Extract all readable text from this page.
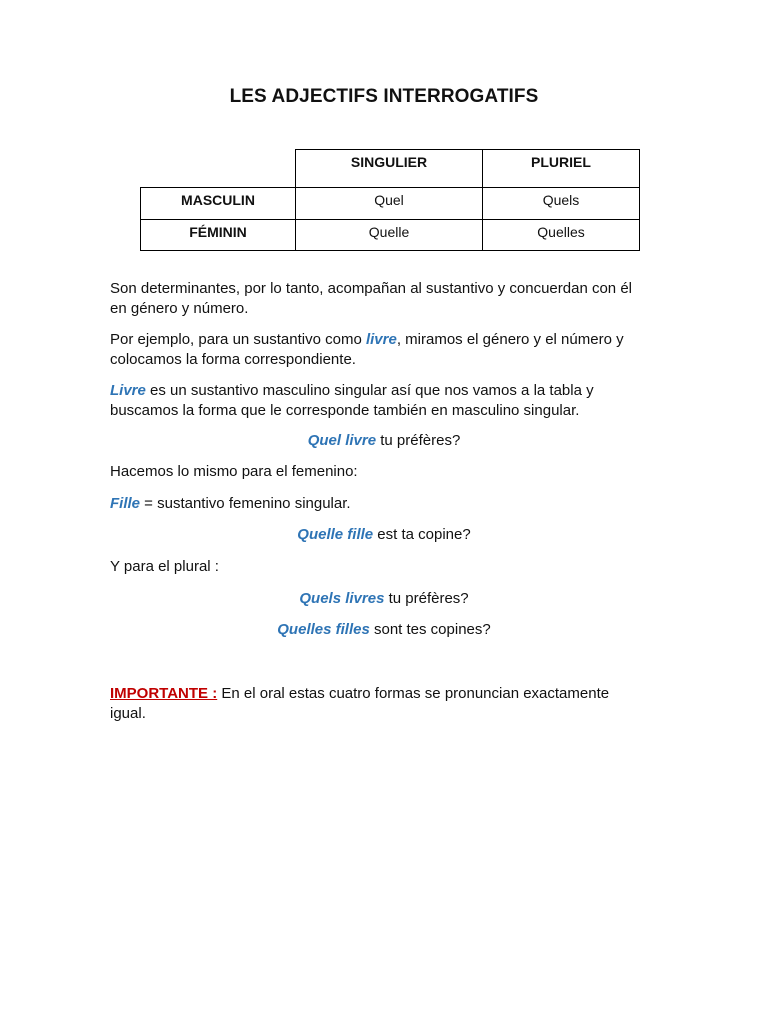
LES ADJECTIFS INTERROGATIFS
	SINGULIER	PLURIEL
MASCULIN	Quel	Quels
FÉMININ	Quelle	Quelles
Son determinantes, por lo tanto, acompañan al sustantivo y concuerdan con él
en género y número.
Por ejemplo, para un sustantivo como livre, miramos el género y el número y
colocamos la forma correspondiente.
Livre es un sustantivo masculino singular así que nos vamos a la tabla y
buscamos la forma que le corresponde también en masculino singular.
Quel livre tu préfères?
Hacemos lo mismo para el femenino:
Fille = sustantivo femenino singular.
Quelle fille est ta copine?
Y para el plural :
Quels livres tu préfères?
Quelles filles sont tes copines?
IMPORTANTE : En el oral estas cuatro formas se pronuncian exactamente
igual.
